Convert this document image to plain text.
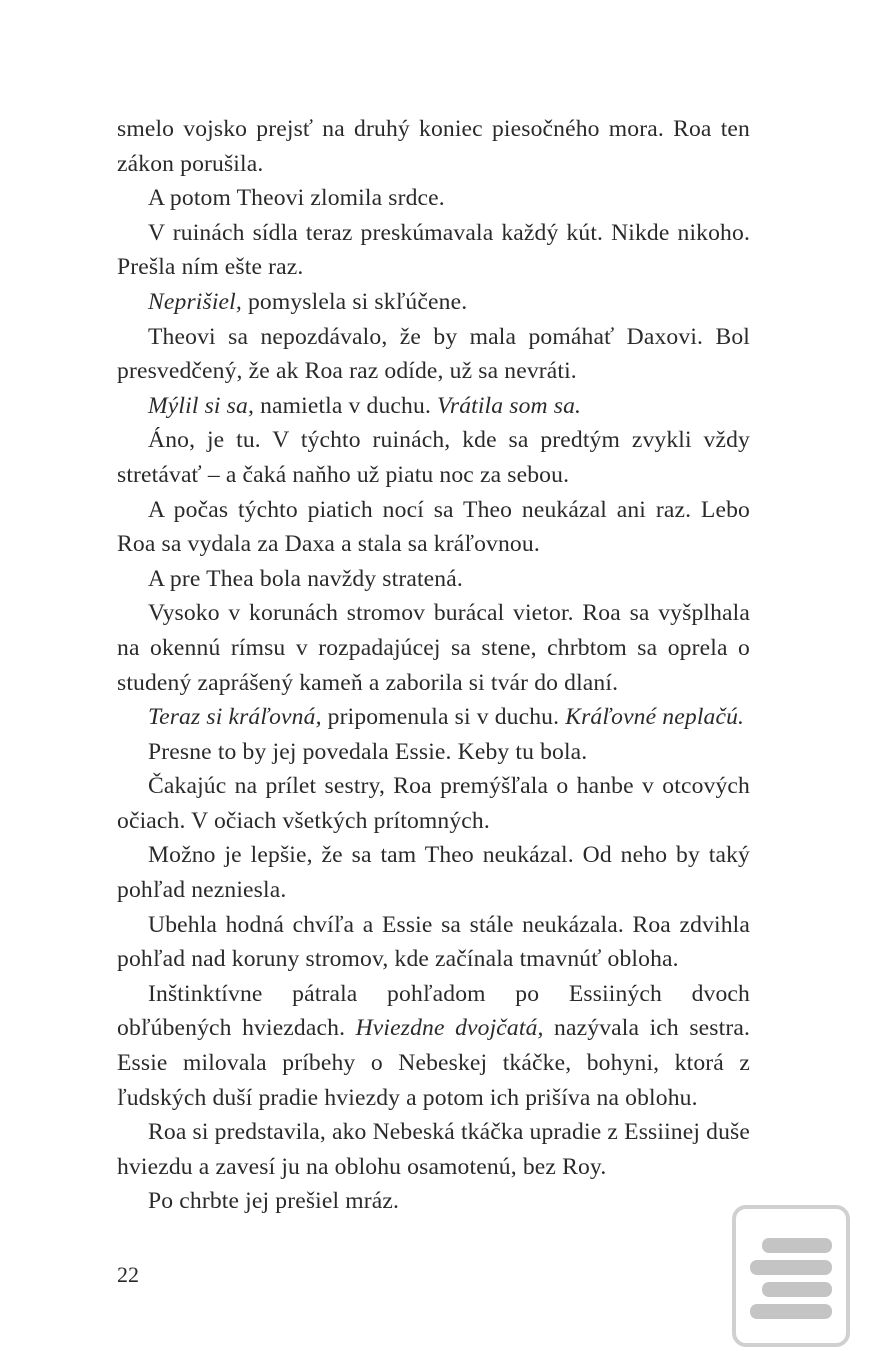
smelo vojsko prejsť na druhý koniec piesočného mora. Roa ten zákon porušila.

A potom Theovi zlomila srdce.

V ruinách sídla teraz preskúmavala každý kút. Nikde nikoho. Prešla ním ešte raz.

Neprišiel, pomyslela si skľúčene.

Theovi sa nepozdávalo, že by mala pomáhať Daxovi. Bol presvedčený, že ak Roa raz odíde, už sa nevráti.

Mýlil si sa, namietla v duchu. Vrátila som sa.

Áno, je tu. V týchto ruinách, kde sa predtým zvykli vždy stretávať – a čaká naňho už piatu noc za sebou.

A počas týchto piatich nocí sa Theo neukázal ani raz. Lebo Roa sa vydala za Daxa a stala sa kráľovnou.

A pre Thea bola navždy stratená.

Vysoko v korunách stromov burácal vietor. Roa sa vyšplhala na okennú rímsu v rozpadajúcej sa stene, chrbtom sa oprela o studený zaprášený kameň a zaborila si tvár do dlaní.

Teraz si kráľovná, pripomenula si v duchu. Kráľovné neplačú.

Presne to by jej povedala Essie. Keby tu bola.

Čakajúc na prílet sestry, Roa premýšľala o hanbe v otcových očiach. V očiach všetkých prítomných.

Možno je lepšie, že sa tam Theo neukázal. Od neho by taký pohľad nezniesla.

Ubehla hodná chvíľa a Essie sa stále neukázala. Roa zdvihla pohľad nad koruny stromov, kde začínala tmavnúť obloha.

Inštinktívne pátrala pohľadom po Essiiných dvoch obľúbených hviezdach. Hviezdne dvojčatá, nazývala ich sestra. Essie milovala príbehy o Nebeskej tkáčke, bohyni, ktorá z ľudských duší pradie hviezdy a potom ich prišíva na oblohu.

Roa si predstavila, ako Nebeská tkáčka upradie z Essiinej duše hviezdu a zavesí ju na oblohu osamotenú, bez Roy.

Po chrbte jej prešiel mráz.

22
